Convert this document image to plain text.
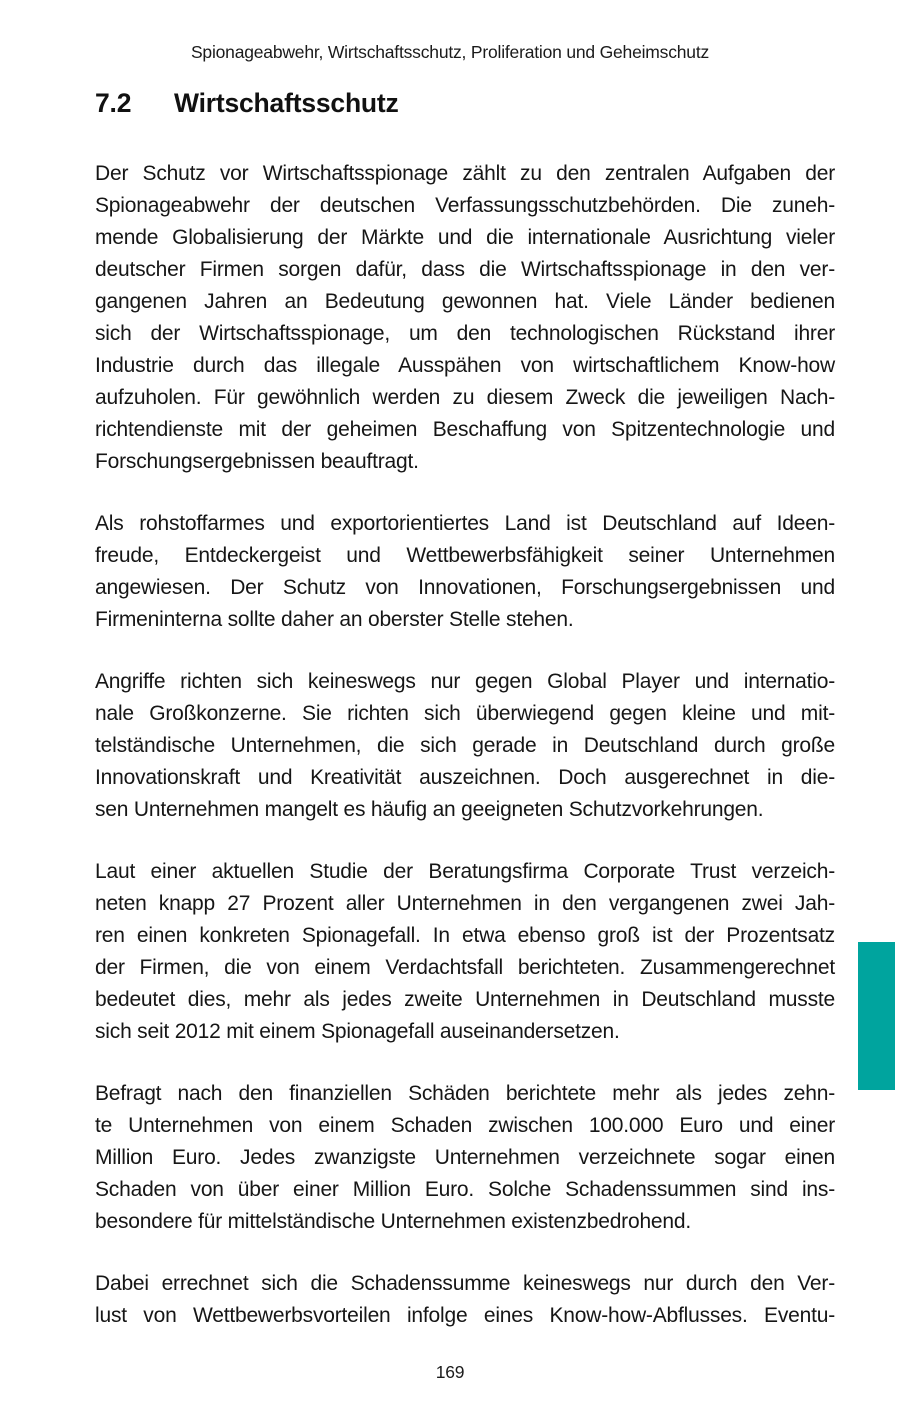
Spionageabwehr, Wirtschaftsschutz, Proliferation und Geheimschutz
7.2 Wirtschaftsschutz
Der Schutz vor Wirtschaftsspionage zählt zu den zentralen Aufgaben der
Spionageabwehr der deutschen Verfassungsschutzbehörden. Die zuneh-
mende Globalisierung der Märkte und die internationale Ausrichtung vieler
deutscher Firmen sorgen dafür, dass die Wirtschaftsspionage in den ver-
gangenen Jahren an Bedeutung gewonnen hat. Viele Länder bedienen
sich der Wirtschaftsspionage, um den technologischen Rückstand ihrer
Industrie durch das illegale Ausspähen von wirtschaftlichem Know-how
aufzuholen. Für gewöhnlich werden zu diesem Zweck die jeweiligen Nach-
richtendienste mit der geheimen Beschaffung von Spitzentechnologie und
Forschungsergebnissen beauftragt.
Als rohstoffarmes und exportorientiertes Land ist Deutschland auf Ideen-
freude, Entdeckergeist und Wettbewerbsfähigkeit seiner Unternehmen
angewiesen. Der Schutz von Innovationen, Forschungsergebnissen und
Firmeninterna sollte daher an oberster Stelle stehen.
Angriffe richten sich keineswegs nur gegen Global Player und internatio-
nale Großkonzerne. Sie richten sich überwiegend gegen kleine und mit-
telständische Unternehmen, die sich gerade in Deutschland durch große
Innovationskraft und Kreativität auszeichnen. Doch ausgerechnet in die-
sen Unternehmen mangelt es häufig an geeigneten Schutzvorkehrungen.
Laut einer aktuellen Studie der Beratungsfirma Corporate Trust verzeich-
neten knapp 27 Prozent aller Unternehmen in den vergangenen zwei Jah-
ren einen konkreten Spionagefall. In etwa ebenso groß ist der Prozentsatz
der Firmen, die von einem Verdachtsfall berichteten. Zusammengerechnet
bedeutet dies, mehr als jedes zweite Unternehmen in Deutschland musste
sich seit 2012 mit einem Spionagefall auseinandersetzen.
Befragt nach den finanziellen Schäden berichtete mehr als jedes zehn-
te Unternehmen von einem Schaden zwischen 100.000 Euro und einer
Million Euro. Jedes zwanzigste Unternehmen verzeichnete sogar einen
Schaden von über einer Million Euro. Solche Schadenssummen sind ins-
besondere für mittelständische Unternehmen existenzbedrohend.
Dabei errechnet sich die Schadenssumme keineswegs nur durch den Ver-
lust von Wettbewerbsvorteilen infolge eines Know-how-Abflusses. Eventu-
169
